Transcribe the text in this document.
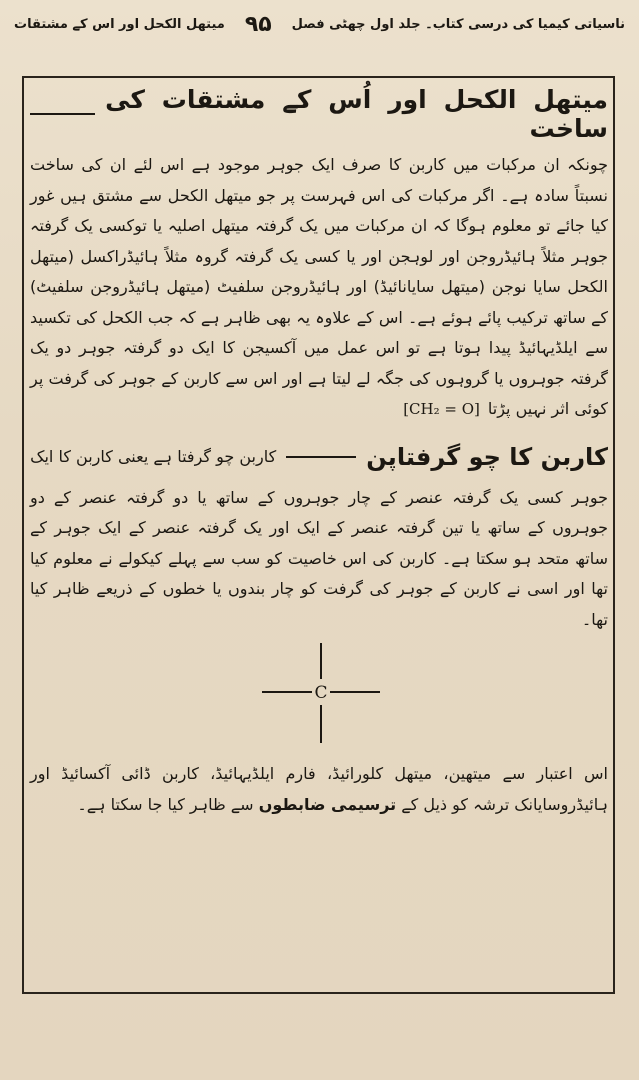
ناسیاتی کیمیا کی درسی کتاب۔ جلد اول چھٹی فصل
۹۵
میتھل الکحل اور اس کے مشتقات
میتھل الکحل اور اُس کے مشتقات کی ساخت

چونکہ ان مرکبات میں کاربن کا صرف ایک جوہر موجود ہے اس لئے ان کی ساخت نسبتاً سادہ ہے۔ اگر مرکبات کی اس فہرست پر جو میتھل الکحل سے مشتق ہیں غور کیا جائے تو معلوم ہوگا کہ ان مرکبات میں یک گرفتہ میتھل اصلیہ یا توکسی یک گرفتہ جوہر مثلاً ہائیڈروجن اور لوہجن اور یا کسی یک گرفتہ گروہ مثلاً ہائیڈراکسل (میتھل الکحل سایا نوجن (میتھل سایانائیڈ) اور ہائیڈروجن سلفیٹ (میتھل ہائیڈروجن سلفیٹ) کے ساتھ ترکیب پائے ہوئے ہے۔ اس کے علاوہ یہ بھی ظاہر ہے کہ جب الکحل کی تکسید سے ایلڈیہائیڈ پیدا ہوتا ہے تو اس عمل میں آکسیجن کا ایک دو گرفتہ جوہر دو یک گرفتہ جوہروں یا گروہوں کی جگہ لے لیتا ہے اور اس سے کاربن کے جوہر کی گرفت پر کوئی اثر نہیں پڑتا[CH₂ = O]

کاربن کا چو گرفتاپن
کاربن چو گرفتا ہے یعنی کاربن کا ایک

جوہر کسی یک گرفتہ عنصر کے چار جوہروں کے ساتھ یا دو گرفتہ عنصر کے دو جوہروں کے ساتھ یا تین گرفتہ عنصر کے ایک اور یک گرفتہ عنصر کے ایک جوہر کے ساتھ متحد ہو سکتا ہے۔ کاربن کی اس خاصیت کو سب سے پہلے کیکولے نے معلوم کیا تھا اور اسی نے کاربن کے جوہر کی گرفت کو چار بندوں یا خطوں کے ذریعے ظاہر کیا تھا۔

C

اس اعتبار سے میتھین، میتھل کلورائیڈ، فارم ایلڈیہائیڈ، کاربن ڈائی آکسائیڈ اور ہائیڈروسایانک ترشہ کو ذیل کے ترسیمی ضابطوں سے ظاہر کیا جا سکتا ہے۔
